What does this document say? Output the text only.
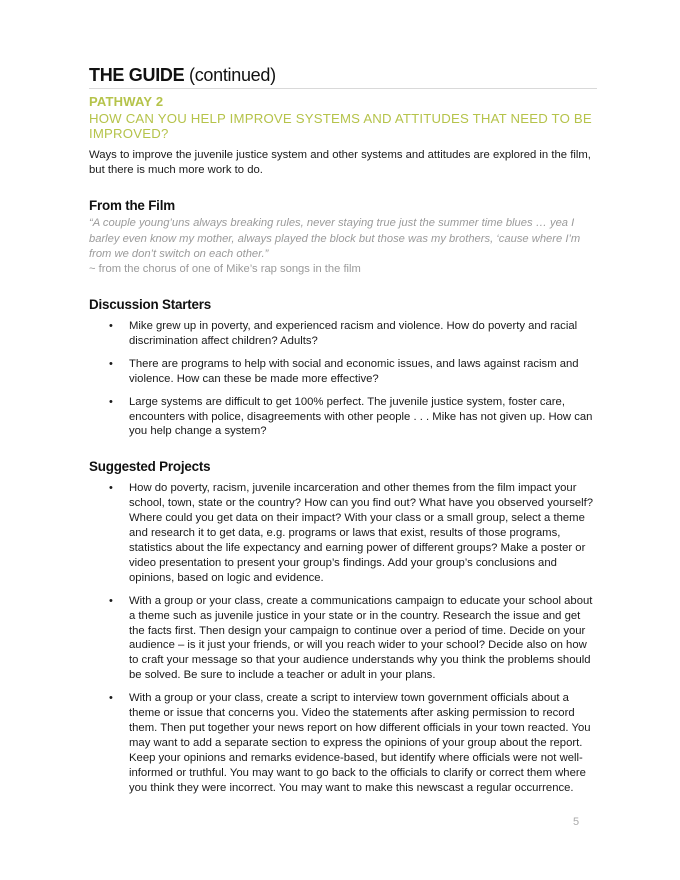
THE GUIDE (continued)
PATHWAY 2
HOW CAN YOU HELP IMPROVE SYSTEMS AND ATTITUDES THAT NEED TO BE IMPROVED?
Ways to improve the juvenile justice system and other systems and attitudes are explored in the film, but there is much more work to do.
From the Film
“A couple young’uns always breaking rules, never staying true just the summer time blues … yea I barley even know my mother, always played the block but those was my brothers, ‘cause where I’m from we don’t switch on each other.”
~ from the chorus of one of Mike’s rap songs in the film
Discussion Starters
• Mike grew up in poverty, and experienced racism and violence. How do poverty and racial discrimination affect children? Adults?
• There are programs to help with social and economic issues, and laws against racism and violence. How can these be made more effective?
• Large systems are difficult to get 100% perfect. The juvenile justice system, foster care, encounters with police, disagreements with other people . . . Mike has not given up. How can you help change a system?
Suggested Projects
• How do poverty, racism, juvenile incarceration and other themes from the film impact your school, town, state or the country? How can you find out? What have you observed yourself? Where could you get data on their impact? With your class or a small group, select a theme and research it to get data, e.g. programs or laws that exist, results of those programs, statistics about the life expectancy and earning power of different groups? Make a poster or video presentation to present your group’s findings. Add your group’s conclusions and opinions, based on logic and evidence.
• With a group or your class, create a communications campaign to educate your school about a theme such as juvenile justice in your state or in the country. Research the issue and get the facts first. Then design your campaign to continue over a period of time. Decide on your audience – is it just your friends, or will you reach wider to your school? Decide also on how to craft your message so that your audience understands why you think the problems should be solved. Be sure to include a teacher or adult in your plans.
• With a group or your class, create a script to interview town government officials about a theme or issue that concerns you. Video the statements after asking permission to record them. Then put together your news report on how different officials in your town reacted. You may want to add a separate section to express the opinions of your group about the report. Keep your opinions and remarks evidence-based, but identify where officials were not well-informed or truthful. You may want to go back to the officials to clarify or correct them where you think they were incorrect. You may want to make this newscast a regular occurrence.
5
